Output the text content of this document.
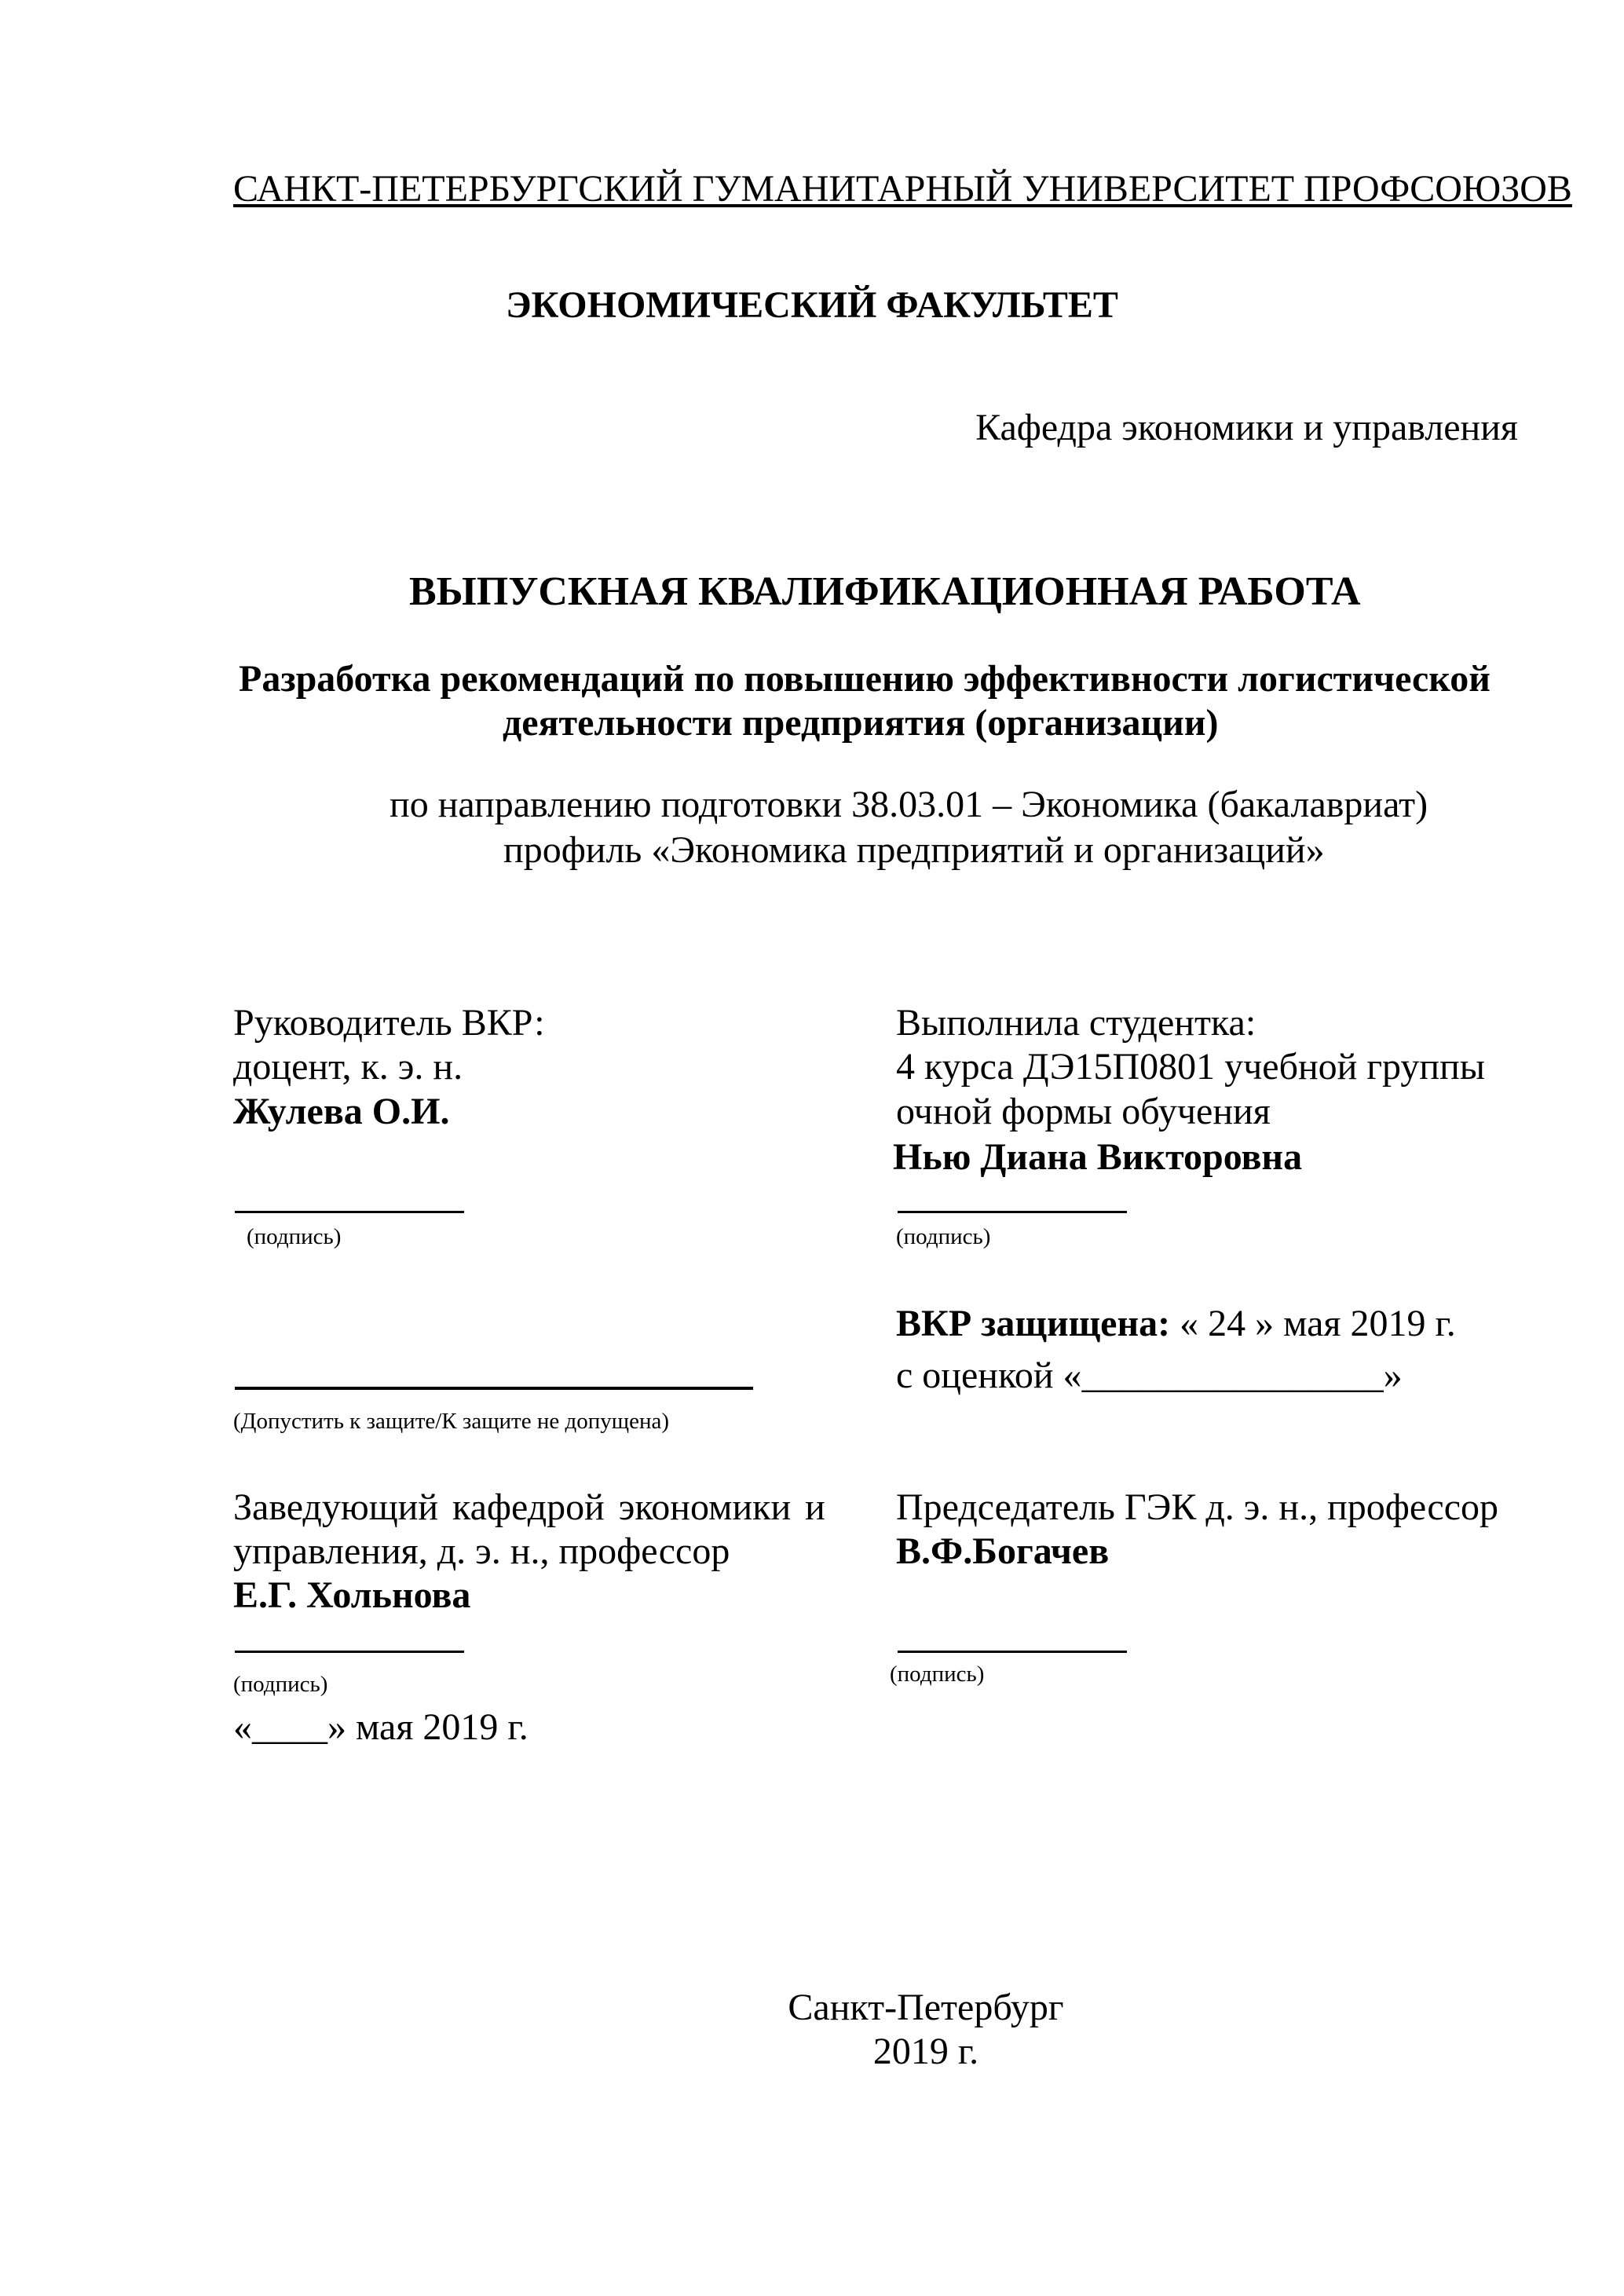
САНКТ-ПЕТЕРБУРГСКИЙ ГУМАНИТАРНЫЙ УНИВЕРСИТЕТ ПРОФСОЮЗОВ
ЭКОНОМИЧЕСКИЙ ФАКУЛЬТЕТ
Кафедра экономики и управления
ВЫПУСКНАЯ КВАЛИФИКАЦИОННАЯ РАБОТА
Разработка рекомендаций по повышению эффективности логистической
деятельности предприятия (организации)
по направлению подготовки 38.03.01 – Экономика (бакалавриат)
профиль «Экономика предприятий и организаций»
Руководитель ВКР:
доцент, к. э. н.
Жулева О.И.
(подпись)
Выполнила студентка:
4 курса ДЭ15П0801 учебной группы
очной формы обучения
Нью Диана Викторовна
(подпись)
ВКР защищена: « 24 » мая 2019 г.
с оценкой «________________»
(Допустить к защите/К защите не допущена)
Заведующий кафедрой экономики и
управления, д. э. н., профессор
Е.Г. Хольнова
(подпись)
«____» мая 2019 г.
Председатель ГЭК д. э. н., профессор
В.Ф.Богачев
(подпись)
Санкт-Петербург
2019 г.
